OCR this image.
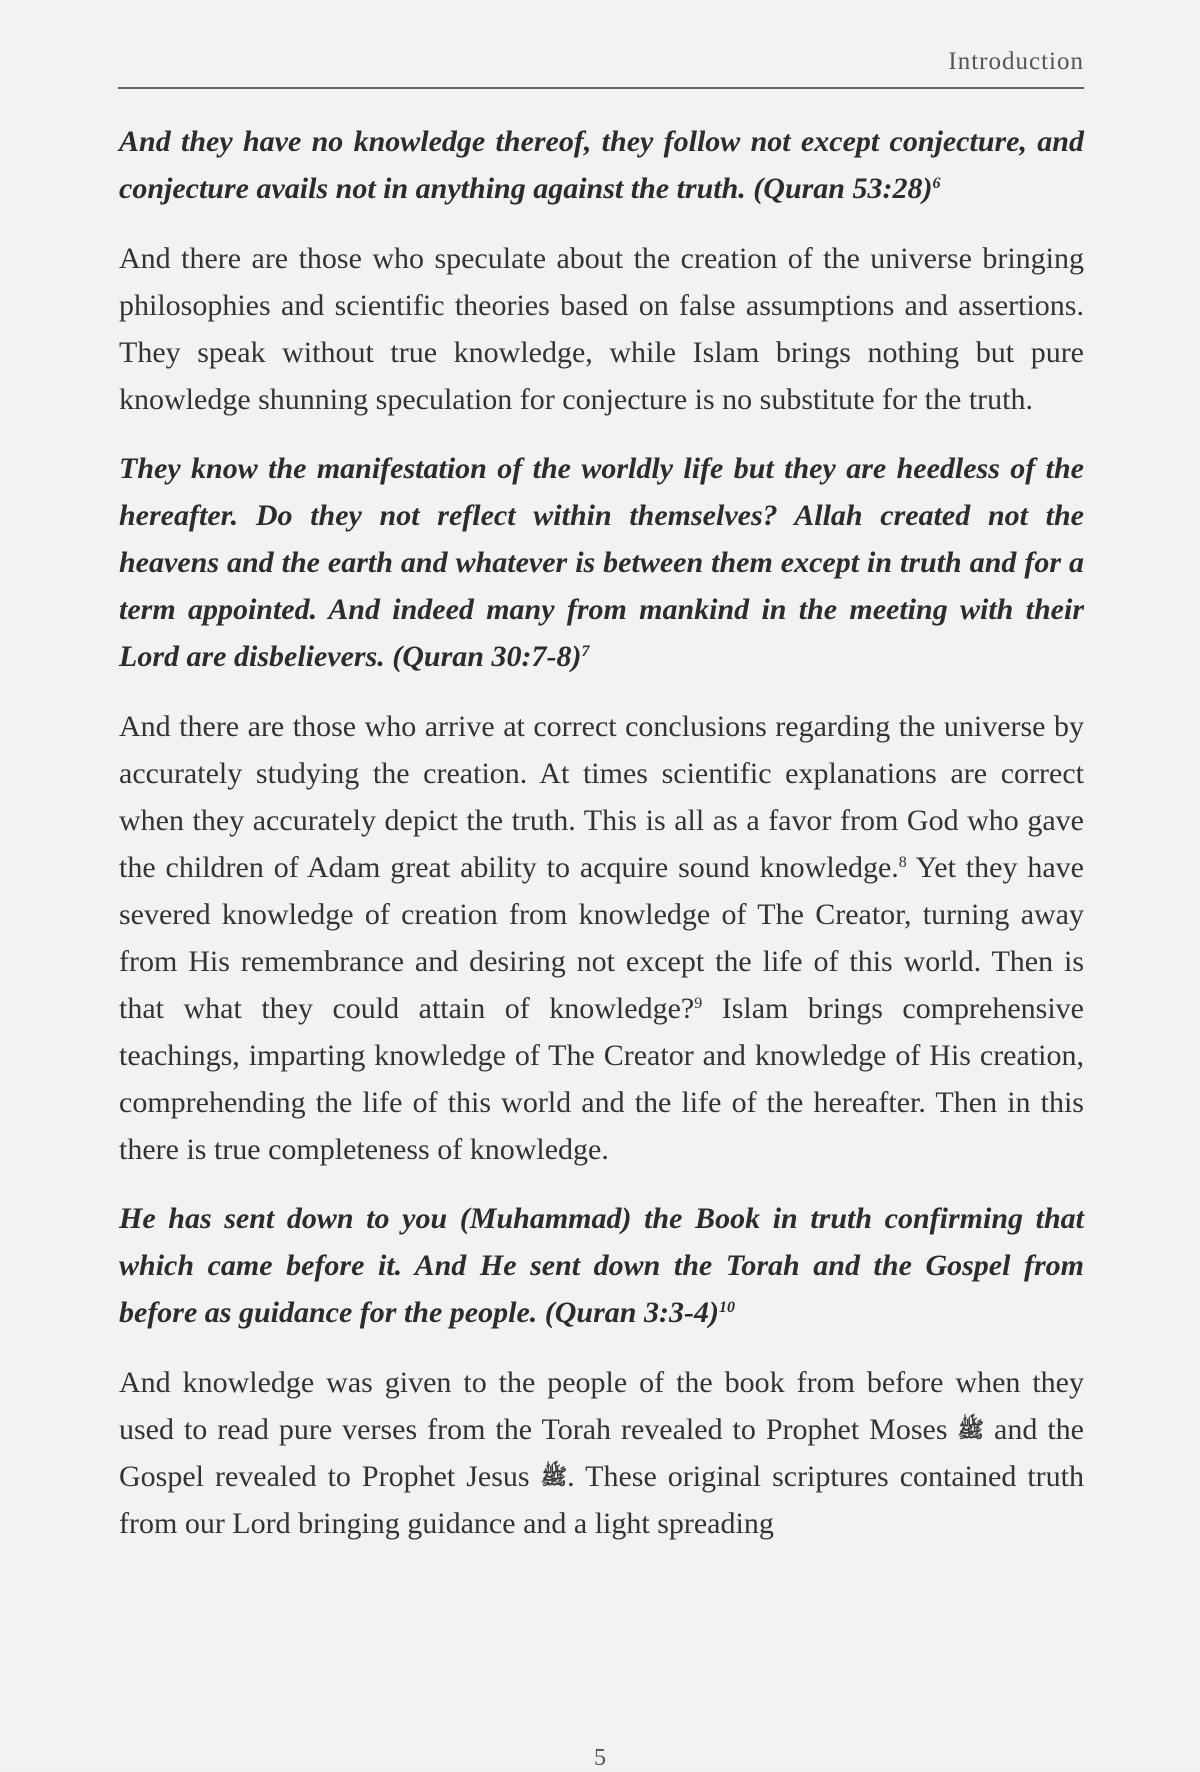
Introduction

And they have no knowledge thereof, they follow not except conjecture, and conjecture avails not in anything against the truth. (Quran 53:28)$^6$

And there are those who speculate about the creation of the universe bringing philosophies and scientific theories based on false assumptions and assertions. They speak without true knowledge, while Islam brings nothing but pure knowledge shunning speculation for conjecture is no substitute for the truth.

They know the manifestation of the worldly life but they are heedless of the hereafter. Do they not reflect within themselves? Allah created not the heavens and the earth and whatever is between them except in truth and for a term appointed. And indeed many from mankind in the meeting with their Lord are disbelievers. (Quran 30:7-8)$^7$

And there are those who arrive at correct conclusions regarding the universe by accurately studying the creation. At times scientific explanations are correct when they accurately depict the truth. This is all as a favor from God who gave the children of Adam great ability to acquire sound knowledge.$^8$ Yet they have severed knowledge of creation from knowledge of The Creator, turning away from His remembrance and desiring not except the life of this world. Then is that what they could attain of knowledge?$^9$ Islam brings comprehensive teachings, imparting knowledge of The Creator and knowledge of His creation, comprehending the life of this world and the life of the hereafter. Then in this there is true completeness of knowledge.

He has sent down to you (Muhammad) the Book in truth confirming that which came before it. And He sent down the Torah and the Gospel from before as guidance for the people. (Quran 3:3-4)$^{10}$

And knowledge was given to the people of the book from before when they used to read pure verses from the Torah revealed to Prophet Moses ﷺ and the Gospel revealed to Prophet Jesus ﷺ. These original scriptures contained truth from our Lord bringing guidance and a light spreading

5
